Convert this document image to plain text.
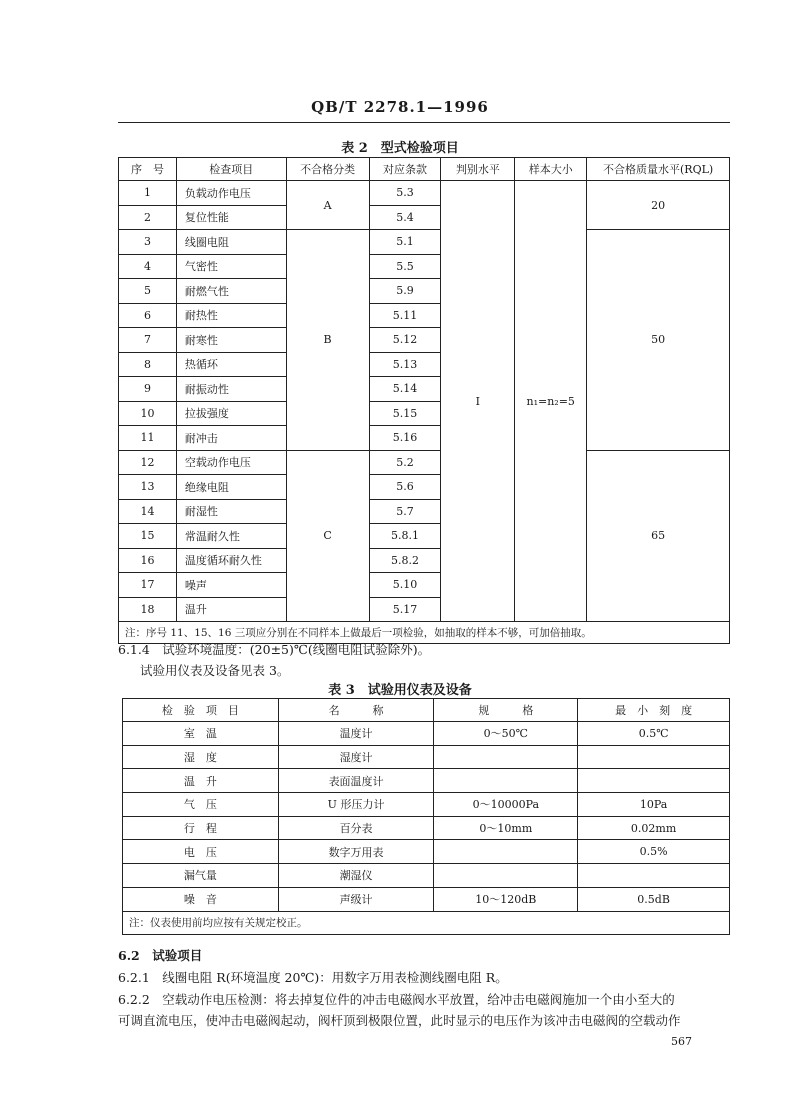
QB/T 2278.1—1996
表 2　型式检验项目
序　号	检查项目	不合格分类	对应条款	判别水平	样本大小	不合格质量水平(RQL)
1	负载动作电压	A	5.3	Ⅰ	n₁=n₂=5	20
2	复位性能		5.4			
3	线圈电阻	B	5.1			50
4	气密性		5.5			
5	耐燃气性		5.9			
6	耐热性		5.11			
7	耐寒性		5.12			
8	热循环		5.13			
9	耐振动性		5.14			
10	拉拔强度		5.15			
11	耐冲击		5.16			
12	空载动作电压	C	5.2			65
13	绝缘电阻		5.6			
14	耐湿性		5.7			
15	常温耐久性		5.8.1			
16	温度循环耐久性		5.8.2			
17	噪声		5.10			
18	温升		5.17			
注：序号 11、15、16 三项应分别在不同样本上做最后一项检验，如抽取的样本不够，可加倍抽取。						
6.1.4　试验环境温度：(20±5)℃(线圈电阻试验除外)。
试验用仪表及设备见表 3。
表 3　试验用仪表及设备
检　验　项　目	名　　　称	规　　　格	最　小　刻　度
室　温	温度计	0～50℃	0.5℃
湿　度	湿度计		
温　升	表面温度计		
气　压	U 形压力计	0～10000Pa	10Pa
行　程	百分表	0～10mm	0.02mm
电　压	数字万用表		0.5%
漏气量	潮湿仪		
噪　音	声级计	10～120dB	0.5dB
注：仪表使用前均应按有关规定校正。			
6.2　试验项目
6.2.1　线圈电阻 R(环境温度 20℃)：用数字万用表检测线圈电阻 R。
6.2.2　空载动作电压检测：将去掉复位件的冲击电磁阀水平放置，给冲击电磁阀施加一个由小至大的
可调直流电压，使冲击电磁阀起动，阀杆顶到极限位置，此时显示的电压作为该冲击电磁阀的空载动作
567
